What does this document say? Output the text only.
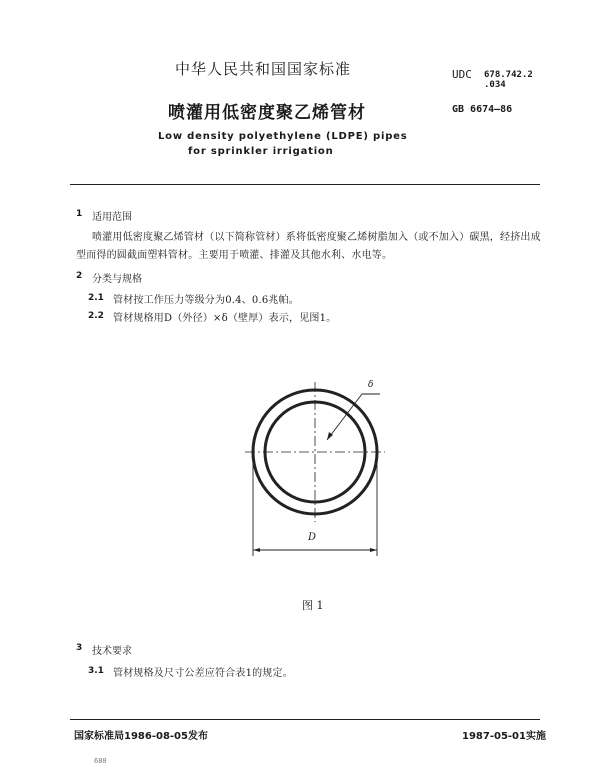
中华人民共和国国家标准	UDC 678.742.2
.034
喷灌用低密度聚乙烯管材	GB 6674—86
Low density polyethylene (LDPE) pipes
for sprinkler irrigation
1 适用范围
喷灌用低密度聚乙烯管材（以下简称管材）系将低密度聚乙烯树脂加入（或不加入）碳黑，经挤出成
型而得的圆截面塑料管材。主要用于喷灌、排灌及其他水利、水电等。
2 分类与规格
2.1 管材按工作压力等级分为0.4、0.6兆帕。
2.2 管材规格用D（外径）×δ（壁厚）表示，见图1。
δ
D
图 1
3 技术要求
3.1 管材规格及尺寸公差应符合表1的规定。
国家标准局1986-08-05发布	1987-05-01实施
680
